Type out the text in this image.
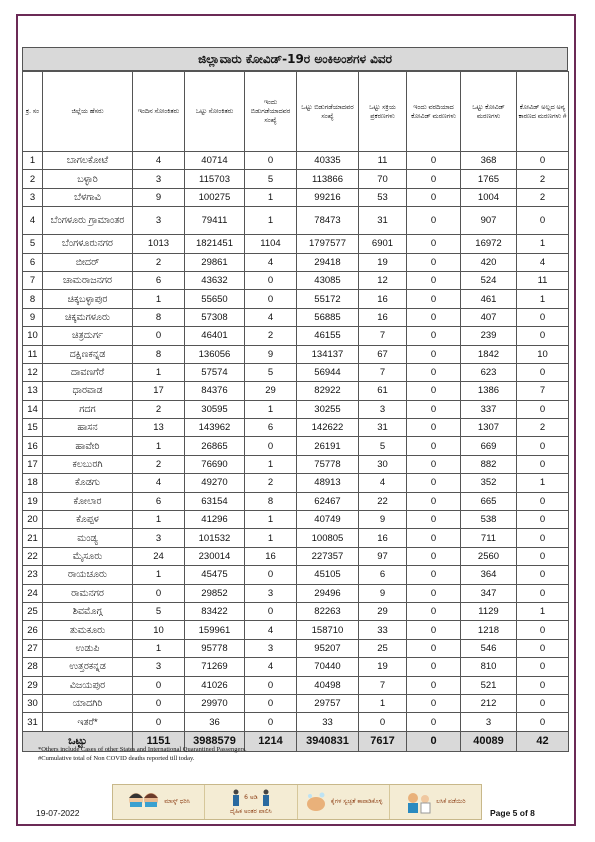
ಜಿಲ್ಲಾವಾರು ಕೋವಿಡ್-19ರ ಅಂಕಿಅಂಶಗಳ ವಿವರ
ಕ್ರ. ಸಂ	ಜಿಲ್ಲೆಯ ಹೆಸರು	ಇಂದಿನ ಸೋಂಕಿತರು	ಒಟ್ಟು ಸೋಂಕಿತರು	ಇಂದು ಬಿಡುಗಡೆಯಾದವರ ಸಂಖ್ಯೆ	ಒಟ್ಟು ಬಿಡುಗಡೆಯಾದವರ ಸಂಖ್ಯೆ	ಒಟ್ಟು ಸಕ್ರಿಯ ಪ್ರಕರಣಗಳು	ಇಂದು ವರದಿಯಾದ ಕೋವಿಡ್ ಮರಣಗಳು	ಒಟ್ಟು ಕೋವಿಡ್ ಮರಣಗಳು	ಕೋವಿಡ್ ಅಲ್ಲದ ಅನ್ಯ ಕಾರಣದ ಮರಣಗಳು #
1	ಬಾಗಲಕೋಟೆ	4	40714	0	40335	11	0	368	0
2	ಬಳ್ಳಾರಿ	3	115703	5	113866	70	0	1765	2
3	ಬೆಳಗಾವಿ	9	100275	1	99216	53	0	1004	2
4	ಬೆಂಗಳೂರು ಗ್ರಾಮಾಂತರ	3	79411	1	78473	31	0	907	0
5	ಬೆಂಗಳೂರುನಗರ	1013	1821451	1104	1797577	6901	0	16972	1
6	ಬೀದರ್	2	29861	4	29418	19	0	420	4
7	ಚಾಮರಾಜನಗರ	6	43632	0	43085	12	0	524	11
8	ಚಿಕ್ಕಬಳ್ಳಾಪುರ	1	55650	0	55172	16	0	461	1
9	ಚಿಕ್ಕಮಗಳೂರು	8	57308	4	56885	16	0	407	0
10	ಚಿತ್ರದುರ್ಗ	0	46401	2	46155	7	0	239	0
11	ದಕ್ಷಿಣಕನ್ನಡ	8	136056	9	134137	67	0	1842	10
12	ದಾವಣಗೆರೆ	1	57574	5	56944	7	0	623	0
13	ಧಾರವಾಡ	17	84376	29	82922	61	0	1386	7
14	ಗದಗ	2	30595	1	30255	3	0	337	0
15	ಹಾಸನ	13	143962	6	142622	31	0	1307	2
16	ಹಾವೇರಿ	1	26865	0	26191	5	0	669	0
17	ಕಲಬುರಗಿ	2	76690	1	75778	30	0	882	0
18	ಕೊಡಗು	4	49270	2	48913	4	0	352	1
19	ಕೋಲಾರ	6	63154	8	62467	22	0	665	0
20	ಕೊಪ್ಪಳ	1	41296	1	40749	9	0	538	0
21	ಮಂಡ್ಯ	3	101532	1	100805	16	0	711	0
22	ಮೈಸೂರು	24	230014	16	227357	97	0	2560	0
23	ರಾಯಚೂರು	1	45475	0	45105	6	0	364	0
24	ರಾಮನಗರ	0	29852	3	29496	9	0	347	0
25	ಶಿವಮೊಗ್ಗ	5	83422	0	82263	29	0	1129	1
26	ತುಮಕೂರು	10	159961	4	158710	33	0	1218	0
27	ಉಡುಪಿ	1	95778	3	95207	25	0	546	0
28	ಉತ್ತರಕನ್ನಡ	3	71269	4	70440	19	0	810	0
29	ವಿಜಯಪುರ	0	41026	0	40498	7	0	521	0
30	ಯಾದಗಿರಿ	0	29970	0	29757	1	0	212	0
31	ಇತರೆ*	0	36	0	33	0	0	3	0
ಒಟ್ಟು		1151	3988579	1214	3940831	7617	0	40089	42
*Others include Cases of other States and International Quarantined Passengers.
#Cumulative total of Non COVID deaths reported till today.
ಮಾಸ್ಕ್ ಧರಿಸಿ
6 ಅಡಿ
ದೈಹಿಕ ಅಂತರ ಪಾಲಿಸಿ
ಕೈಗಳ ಸ್ವಚ್ಛತೆ ಕಾಪಾಡಿಕೊಳ್ಳಿ	ಲಸಿಕೆ ಪಡೆಯಿರಿ
19-07-2022	Page 5 of 8
